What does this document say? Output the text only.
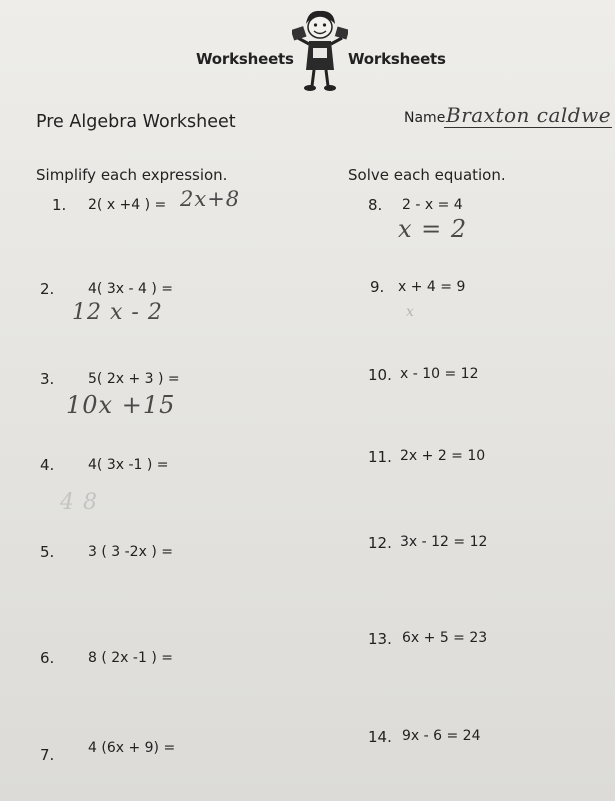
Worksheets	Worksheets
Pre Algebra Worksheet	Name Braxton caldwe
Simplify each expression.	Solve each equation.
1. 2( x +4 ) = 2x+8
2. 4( 3x - 4 ) =
12 x - 2
3. 5( 2x + 3 ) =
10x +15
4. 4( 3x -1 ) =
4 8
5. 3 ( 3 -2x ) =
6. 8 ( 2x -1 ) =
7. 4 (6x + 9) =
8. 2 - x = 4
x = 2
9. x + 4 = 9
x
10. x - 10 = 12
11. 2x + 2 = 10
12. 3x - 12 = 12
13. 6x + 5 = 23
14. 9x - 6 = 24
